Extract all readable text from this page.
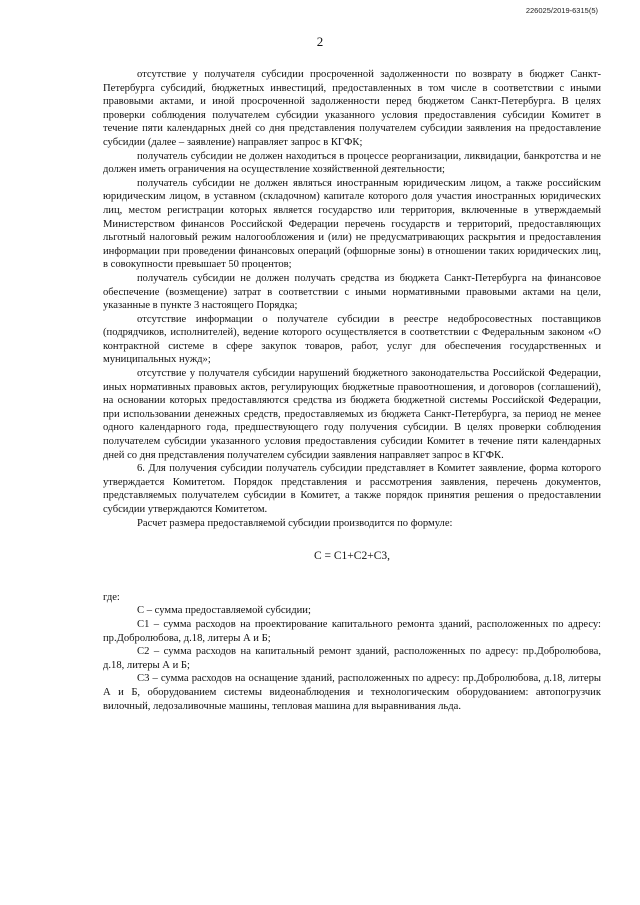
226025/2019-6315(5)
2

отсутствие у получателя субсидии просроченной задолженности по возврату в бюджет Санкт-Петербурга субсидий, бюджетных инвестиций, предоставленных в том числе в соответствии с иными правовыми актами, и иной просроченной задолженности перед бюджетом Санкт-Петербурга. В целях проверки соблюдения получателем субсидии указанного условия предоставления субсидии Комитет в течение пяти календарных дней со дня представления получателем субсидии заявления на предоставление субсидии (далее – заявление) направляет запрос в КГФК;

получатель субсидии не должен находиться в процессе реорганизации, ликвидации, банкротства и не должен иметь ограничения на осуществление хозяйственной деятельности;

получатель субсидии не должен являться иностранным юридическим лицом, а также российским юридическим лицом, в уставном (складочном) капитале которого доля участия иностранных юридических лиц, местом регистрации которых является государство или территория, включенные в утверждаемый Министерством финансов Российской Федерации перечень государств и территорий, предоставляющих льготный налоговый режим налогообложения и (или) не предусматривающих раскрытия и предоставления информации при проведении финансовых операций (офшорные зоны) в отношении таких юридических лиц, в совокупности превышает 50 процентов;

получатель субсидии не должен получать средства из бюджета Санкт-Петербурга на финансовое обеспечение (возмещение) затрат в соответствии с иными нормативными правовыми актами на цели, указанные в пункте 3 настоящего Порядка;

отсутствие информации о получателе субсидии в реестре недобросовестных поставщиков (подрядчиков, исполнителей), ведение которого осуществляется в соответствии с Федеральным законом «О контрактной системе в сфере закупок товаров, работ, услуг для обеспечения государственных и муниципальных нужд»;

отсутствие у получателя субсидии нарушений бюджетного законодательства Российской Федерации, иных нормативных правовых актов, регулирующих бюджетные правоотношения, и договоров (соглашений), на основании которых предоставляются средства из бюджета бюджетной системы Российской Федерации, при использовании денежных средств, предоставляемых из бюджета Санкт-Петербурга, за период не менее одного календарного года, предшествующего году получения субсидии. В целях проверки соблюдения получателем субсидии указанного условия предоставления субсидии Комитет в течение пяти календарных дней со дня представления получателем субсидии заявления направляет запрос в КГФК.

6. Для получения субсидии получатель субсидии представляет в Комитет заявление, форма которого утверждается Комитетом. Порядок представления и рассмотрения заявления, перечень документов, представляемых получателем субсидии в Комитет, а также порядок принятия решения о предоставлении субсидии утверждаются Комитетом.

Расчет размера предоставляемой субсидии производится по формуле:

C = C1+C2+C3,

где:

С – сумма предоставляемой субсидии;

С1 – сумма расходов на проектирование капитального ремонта зданий, расположенных по адресу: пр.Добролюбова, д.18, литеры А и Б;

С2 – сумма расходов на капитальный ремонт зданий, расположенных по адресу: пр.Добролюбова, д.18, литеры А и Б;

С3 – сумма расходов на оснащение зданий, расположенных по адресу: пр.Добролюбова, д.18, литеры А и Б, оборудованием системы видеонаблюдения и технологическим оборудованием: автопогрузчик вилочный, ледозаливочные машины, тепловая машина для выравнивания льда.
